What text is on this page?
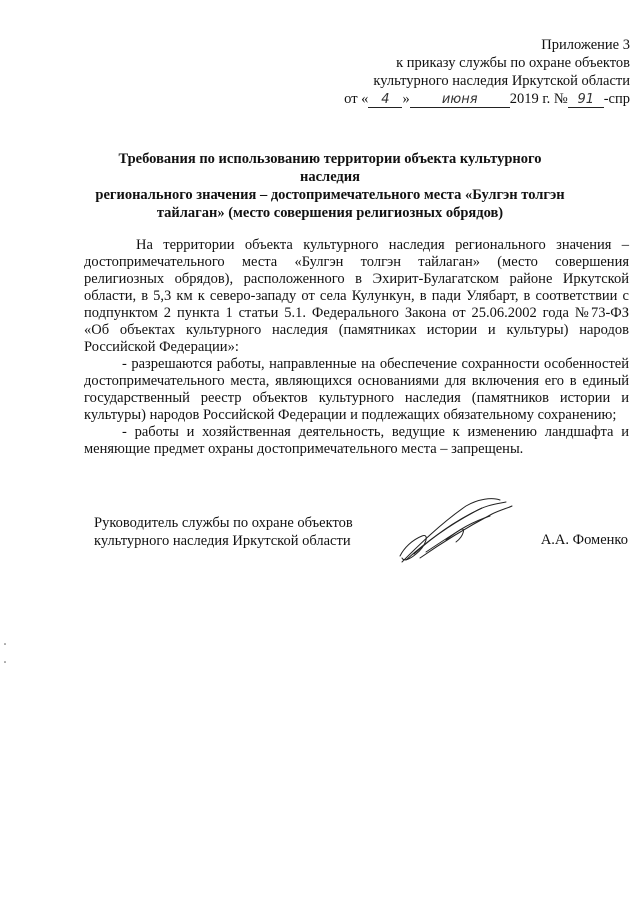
Приложение 3
к приказу службы по охране объектов
культурного наследия Иркутской области
от « 4 » июня 2019 г. № 91 -спр
Требования по использованию территории объекта культурного наследия
регионального значения – достопримечательного места «Булгэн толгэн
тайлаган» (место совершения религиозных обрядов)

На территории объекта культурного наследия регионального значения – достопримечательного места «Булгэн толгэн тайлаган» (место совершения религиозных обрядов), расположенного в Эхирит-Булагатском районе Иркутской области, в 5,3 км к северо-западу от села Кулункун, в пади Улябарт, в соответствии с подпунктом 2 пункта 1 статьи 5.1. Федерального Закона от 25.06.2002 года №73-ФЗ «Об объектах культурного наследия (памятниках истории и культуры) народов Российской Федерации»:

- разрешаются работы, направленные на обеспечение сохранности особенностей достопримечательного места, являющихся основаниями для включения его в единый государственный реестр объектов культурного наследия (памятников истории и культуры) народов Российской Федерации и подлежащих обязательному сохранению;

- работы и хозяйственная деятельность, ведущие к изменению ландшафта и меняющие предмет охраны достопримечательного места – запрещены.

Руководитель службы по охране объектов
культурного наследия Иркутской области	А.А. Фоменко
